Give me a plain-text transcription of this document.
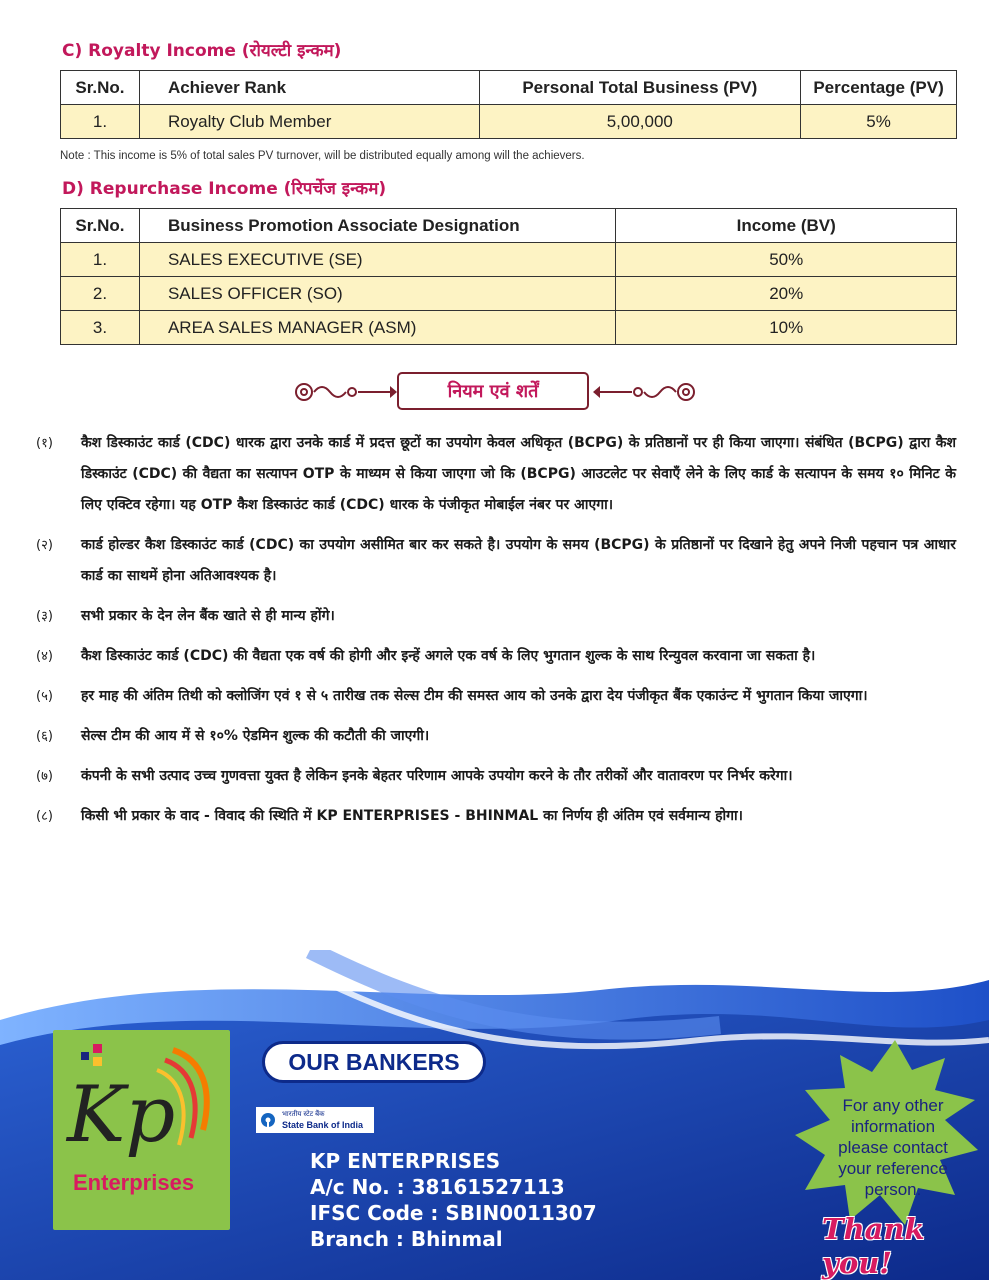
C) Royalty Income (रोयल्टी इन्कम)
Sr.No.	Achiever Rank	Personal Total Business (PV)	Percentage (PV)
1.	Royalty Club Member	5,00,000	5%
Note : This income is 5% of total sales PV turnover, will be distributed equally among will the achievers.
D) Repurchase Income (रिपर्चेज इन्कम)
Sr.No.	Business Promotion Associate Designation	Income (BV)
1.	SALES EXECUTIVE (SE)	50%
2.	SALES OFFICER (SO)	20%
3.	AREA SALES MANAGER (ASM)	10%
नियम एवं शर्तें
(१)	कैश डिस्काउंट कार्ड (CDC) धारक द्वारा उनके कार्ड में प्रदत्त छूटों का उपयोग केवल अधिकृत (BCPG) के प्रतिष्ठानों पर ही किया जाएगा। संबंधित (BCPG) द्वारा कैश डिस्काउंट (CDC) की वैद्यता का सत्यापन OTP के माध्यम से किया जाएगा जो कि (BCPG) आउटलेट पर सेवाएँ लेने के लिए कार्ड के सत्यापन के समय १० मिनिट के लिए एक्टिव रहेगा। यह OTP कैश डिस्काउंट कार्ड (CDC) धारक के पंजीकृत मोबाईल नंबर पर आएगा।
(२)	कार्ड होल्डर कैश डिस्काउंट कार्ड (CDC) का उपयोग असीमित बार कर सकते है। उपयोग के समय (BCPG) के प्रतिष्ठानों पर दिखाने हेतु अपने निजी पहचान पत्र आधार कार्ड का साथमें होना अतिआवश्यक है।
(३)	सभी प्रकार के देन लेन बैंक खाते से ही मान्य होंगे।
(४)	कैश डिस्काउंट कार्ड (CDC) की वैद्यता एक वर्ष की होगी और इन्हें अगले एक वर्ष के लिए भुगतान शुल्क के साथ रिन्युवल करवाना जा सकता है।
(५)	हर माह की अंतिम तिथी को क्लोजिंग एवं १ से ५ तारीख तक सेल्स टीम की समस्त आय को उनके द्वारा देय पंजीकृत बैंक एकाउंन्ट में भुगतान किया जाएगा।
(६)	सेल्स टीम की आय में से १०% ऐडमिन शुल्क की कटौती की जाएगी।
(७)	कंपनी के सभी उत्पाद उच्च गुणवत्ता युक्त है लेकिन इनके बेहतर परिणाम आपके उपयोग करने के तौर तरीकों और वातावरण पर निर्भर करेगा।
(८)	किसी भी प्रकार के वाद - विवाद की स्थिति में KP ENTERPRISES - BHINMAL का निर्णय ही अंतिम एवं सर्वमान्य होगा।
Kp
Enterprises
OUR BANKERS
भारतीय स्टेट बैंक
State Bank of India
KP ENTERPRISES
A/c No. : 38161527113
IFSC Code : SBIN0011307
Branch : Bhinmal
For any other
information
please contact
your reference
person.
Thank you!
